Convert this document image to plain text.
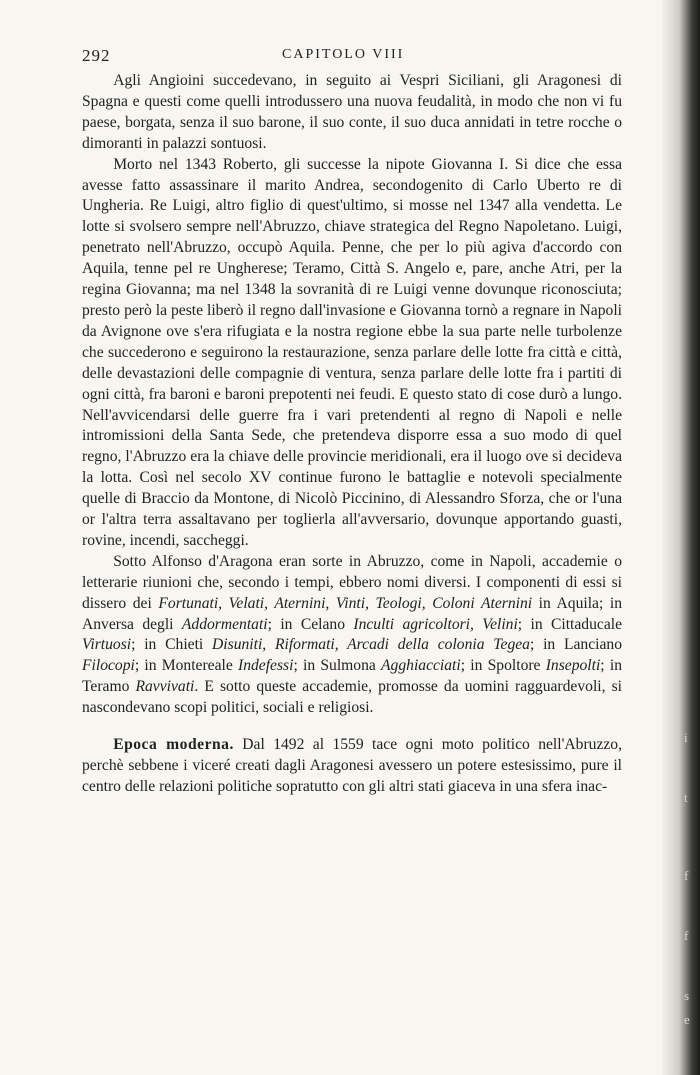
i
t
f
f
s
e
292	CAPITOLO VIII

Agli Angioini succedevano, in seguito ai Vespri Siciliani, gli Aragonesi di Spagna e questi come quelli introdussero una nuova feudalità, in modo che non vi fu paese, borgata, senza il suo barone, il suo conte, il suo duca annidati in tetre rocche o dimoranti in palazzi sontuosi.

Morto nel 1343 Roberto, gli successe la nipote Giovanna I. Si dice che essa avesse fatto assassinare il marito Andrea, secondogenito di Carlo Uberto re di Ungheria. Re Luigi, altro figlio di quest'ultimo, si mosse nel 1347 alla vendetta. Le lotte si svolsero sempre nell'Abruzzo, chiave strategica del Regno Napoletano. Luigi, penetrato nell'Abruzzo, occupò Aquila. Penne, che per lo più agiva d'accordo con Aquila, tenne pel re Ungherese; Teramo, Città S. Angelo e, pare, anche Atri, per la regina Giovanna; ma nel 1348 la sovranità di re Luigi venne dovunque riconosciuta; presto però la peste liberò il regno dall'invasione e Giovanna tornò a regnare in Napoli da Avignone ove s'era rifugiata e la nostra regione ebbe la sua parte nelle turbolenze che succederono e seguirono la restaurazione, senza parlare delle lotte fra città e città, delle devastazioni delle compagnie di ventura, senza parlare delle lotte fra i partiti di ogni città, fra baroni e baroni prepotenti nei feudi. E questo stato di cose durò a lungo. Nell'avvicendarsi delle guerre fra i vari pretendenti al regno di Napoli e nelle intromissioni della Santa Sede, che pretendeva disporre essa a suo modo di quel regno, l'Abruzzo era la chiave delle provincie meridionali, era il luogo ove si decideva la lotta. Così nel secolo XV continue furono le battaglie e notevoli specialmente quelle di Braccio da Montone, di Nicolò Piccinino, di Alessandro Sforza, che or l'una or l'altra terra assaltavano per toglierla all'avversario, dovunque apportando guasti, rovine, incendi, saccheggi.

Sotto Alfonso d'Aragona eran sorte in Abruzzo, come in Napoli, accademie o letterarie riunioni che, secondo i tempi, ebbero nomi diversi. I componenti di essi si dissero dei Fortunati, Velati, Aternini, Vinti, Teologi, Coloni Aternini in Aquila; in Anversa degli Addormentati; in Celano Inculti agricoltori, Velini; in Cittaducale Virtuosi; in Chieti Disuniti, Riformati, Arcadi della colonia Tegea; in Lanciano Filocopi; in Montereale Indefessi; in Sulmona Agghiacciati; in Spoltore Insepolti; in Teramo Ravvivati. E sotto queste accademie, promosse da uomini ragguardevoli, si nascondevano scopi politici, sociali e religiosi.

Epoca moderna. Dal 1492 al 1559 tace ogni moto politico nell'Abruzzo, perchè sebbene i viceré creati dagli Aragonesi avessero un potere estesissimo, pure il centro delle relazioni politiche sopratutto con gli altri stati giaceva in una sfera inac-
